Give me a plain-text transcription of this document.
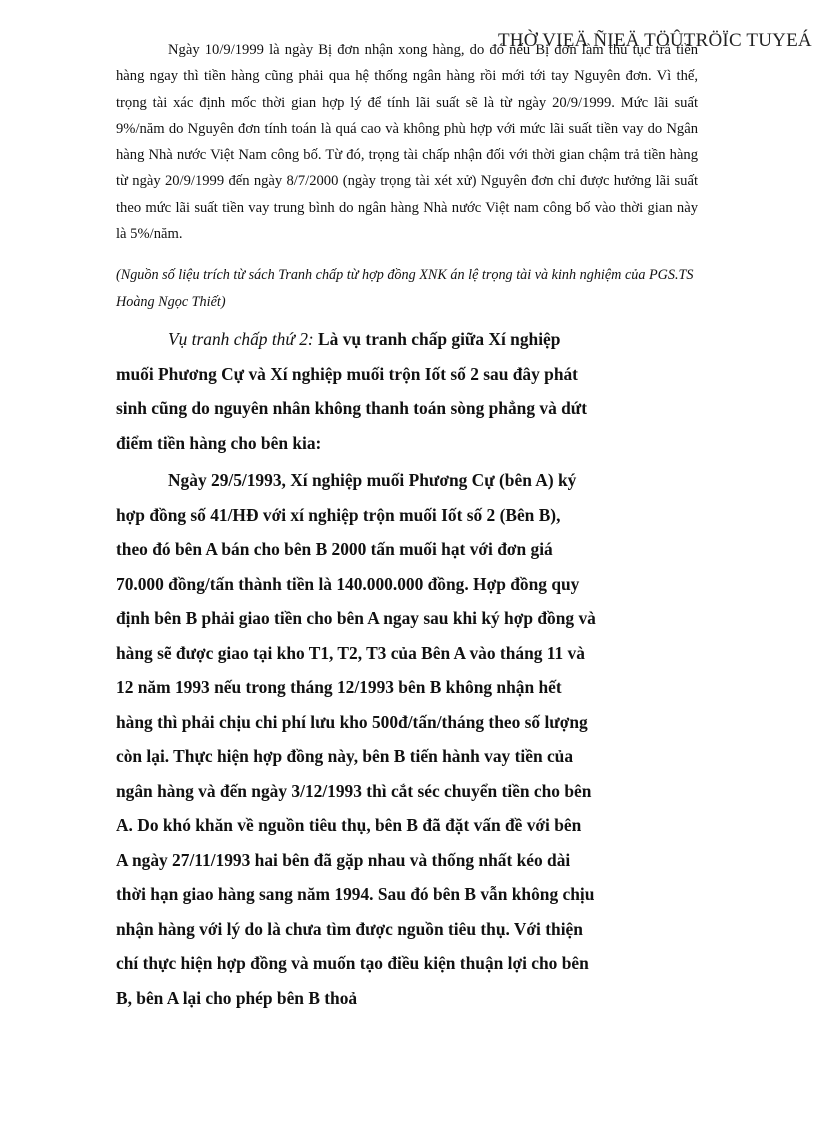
THỜ VIEÄ ÑIEÄ TÖÛTRÖÏC TUYEÁ

Ngày 10/9/1999 là ngày Bị đơn nhận xong hàng, do đó nếu Bị đơn làm thủ tục trả tiền hàng ngay thì tiền hàng cũng phải qua hệ thống ngân hàng rồi mới tới tay Nguyên đơn. Vì thế, trọng tài xác định mốc thời gian hợp lý để tính lãi suất sẽ là từ ngày 20/9/1999. Mức lãi suất 9%/năm do Nguyên đơn tính toán là quá cao và không phù hợp với mức lãi suất tiền vay do Ngân hàng Nhà nước Việt Nam công bố. Từ đó, trọng tài chấp nhận đối với thời gian chậm trả tiền hàng từ ngày 20/9/1999 đến ngày 8/7/2000 (ngày trọng tài xét xử) Nguyên đơn chỉ được hưởng lãi suất theo mức lãi suất tiền vay trung bình do ngân hàng Nhà nước Việt nam công bố vào thời gian này là 5%/năm.

(Nguồn số liệu trích từ sách Tranh chấp từ hợp đồng XNK án lệ trọng tài và kinh nghiệm của PGS.TS Hoàng Ngọc Thiết)

Vụ tranh chấp thứ 2: Là vụ tranh chấp giữa Xí nghiệp muối Phương Cự và Xí nghiệp muối trộn Iốt số 2 sau đây phát sinh cũng do nguyên nhân không thanh toán sòng phẳng và dứt điểm tiền hàng cho bên kia:

Ngày 29/5/1993, Xí nghiệp muối Phương Cự (bên A) ký hợp đồng số 41/HĐ với xí nghiệp trộn muối Iốt số 2 (Bên B), theo đó bên A bán cho bên B 2000 tấn muối hạt với đơn giá 70.000 đồng/tấn thành tiền là 140.000.000 đồng. Hợp đồng quy định bên B phải giao tiền cho bên A ngay sau khi ký hợp đồng và hàng sẽ được giao tại kho T1, T2, T3 của Bên A vào tháng 11 và 12 năm 1993 nếu trong tháng 12/1993 bên B không nhận hết hàng thì phải chịu chi phí lưu kho 500đ/tấn/tháng theo số lượng còn lại. Thực hiện hợp đồng này, bên B tiến hành vay tiền của ngân hàng và đến ngày 3/12/1993 thì cắt séc chuyển tiền cho bên A. Do khó khăn về nguồn tiêu thụ, bên B đã đặt vấn đề với bên A ngày 27/11/1993 hai bên đã gặp nhau và thống nhất kéo dài thời hạn giao hàng sang năm 1994. Sau đó bên B vẫn không chịu nhận hàng với lý do là chưa tìm được nguồn tiêu thụ. Với thiện chí thực hiện hợp đồng và muốn tạo điều kiện thuận lợi cho bên B, bên A lại cho phép bên B thoả
